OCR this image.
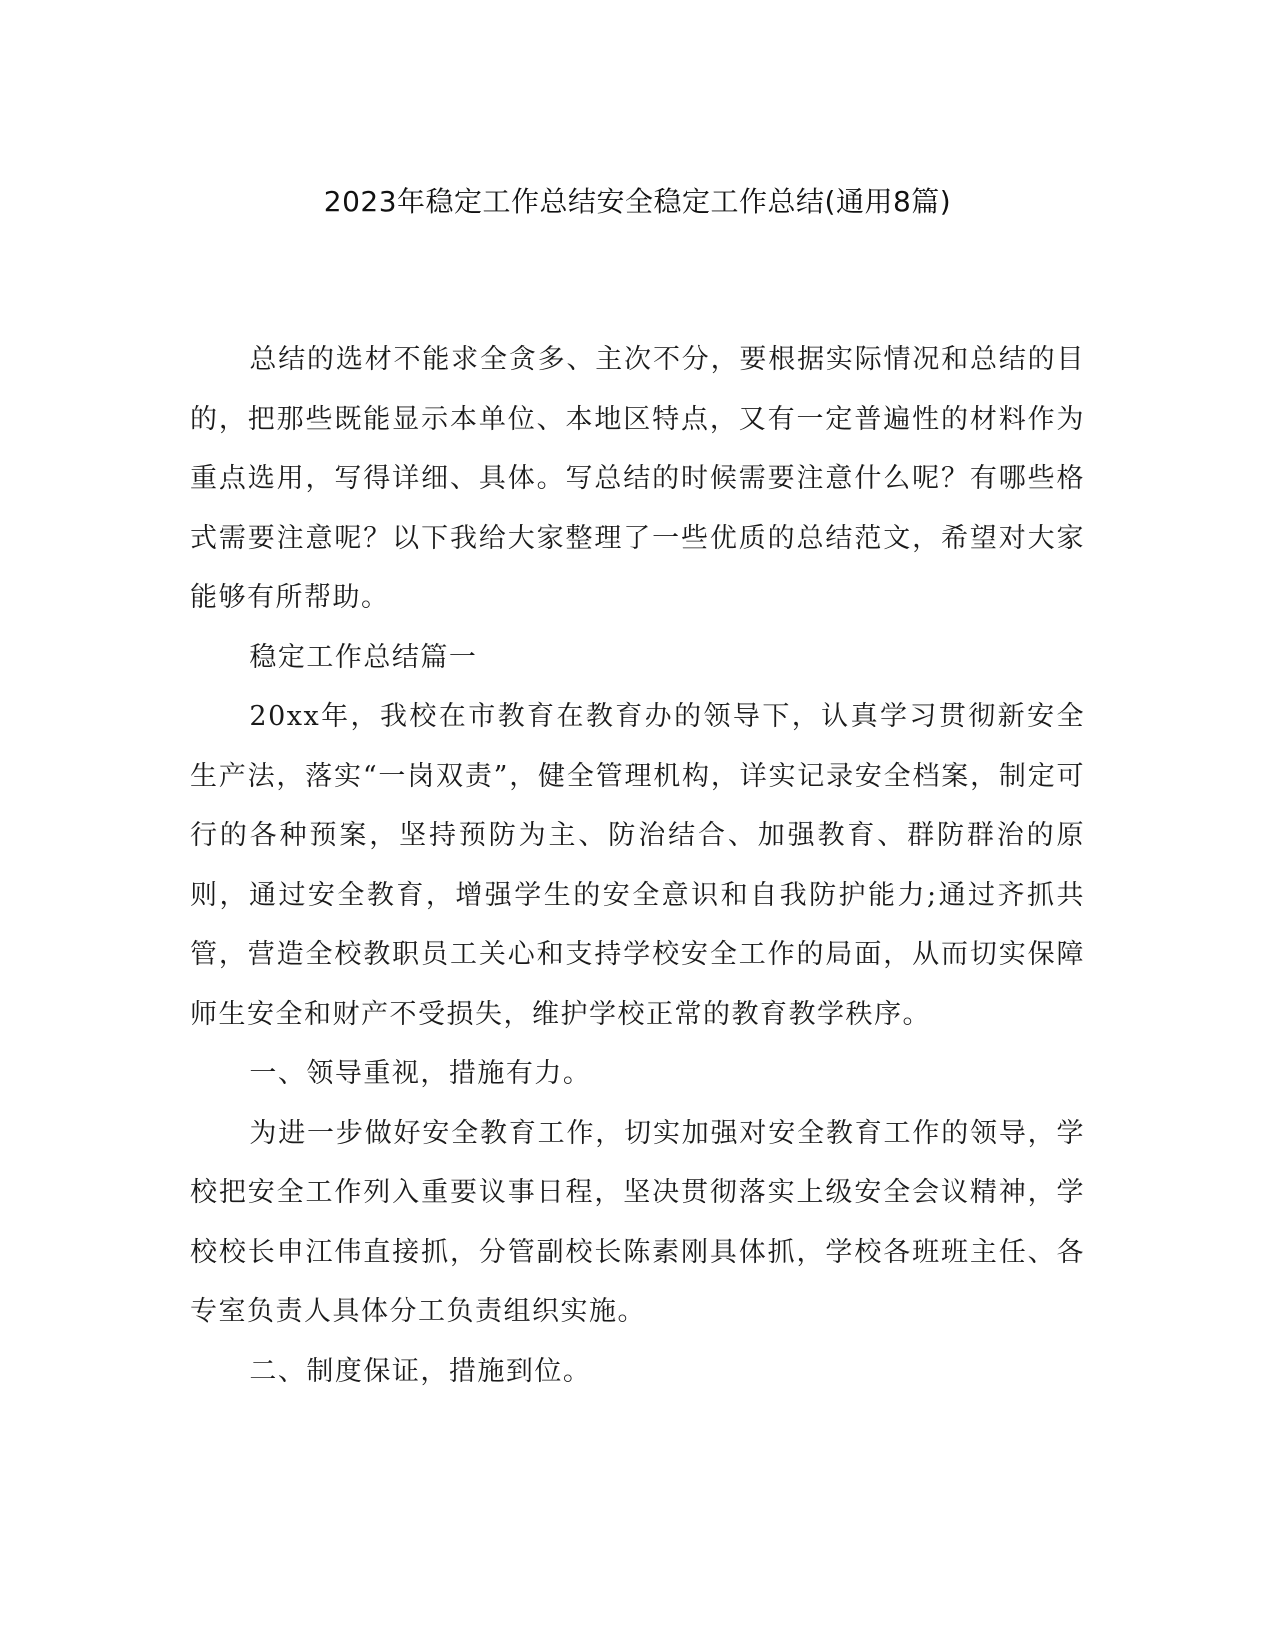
2023年稳定工作总结安全稳定工作总结(通用8篇)

总结的选材不能求全贪多、主次不分，要根据实际情况和总结的目的，把那些既能显示本单位、本地区特点，又有一定普遍性的材料作为重点选用，写得详细、具体。写总结的时候需要注意什么呢？有哪些格式需要注意呢？以下我给大家整理了一些优质的总结范文，希望对大家能够有所帮助。

稳定工作总结篇一

20xx年，我校在市教育在教育办的领导下，认真学习贯彻新安全生产法，落实“一岗双责”，健全管理机构，详实记录安全档案，制定可行的各种预案，坚持预防为主、防治结合、加强教育、群防群治的原则，通过安全教育，增强学生的安全意识和自我防护能力;通过齐抓共管，营造全校教职员工关心和支持学校安全工作的局面，从而切实保障师生安全和财产不受损失，维护学校正常的教育教学秩序。

一、领导重视，措施有力。

为进一步做好安全教育工作，切实加强对安全教育工作的领导，学校把安全工作列入重要议事日程，坚决贯彻落实上级安全会议精神，学校校长申江伟直接抓，分管副校长陈素刚具体抓，学校各班班主任、各专室负责人具体分工负责组织实施。

二、制度保证，措施到位。
